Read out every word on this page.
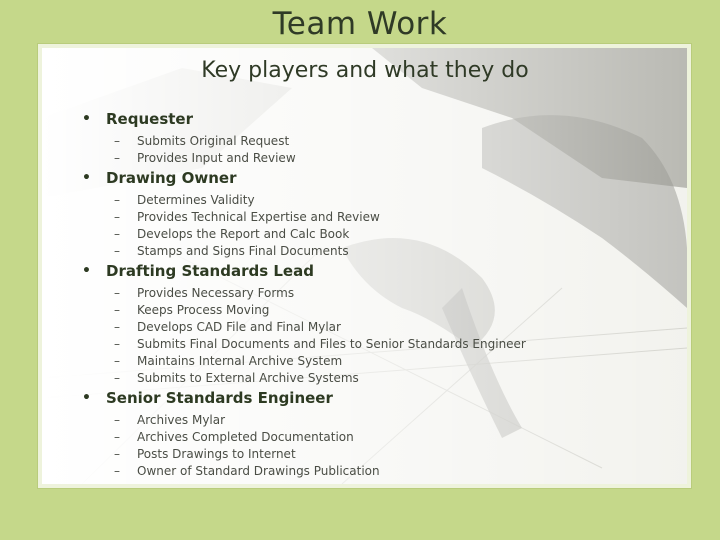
Team Work
Key players and what they do
• Requester
– Submits Original Request
– Provides Input and Review
• Drawing Owner
– Determines Validity
– Provides Technical Expertise and Review
– Develops the Report and Calc Book
– Stamps and Signs Final Documents
• Drafting Standards Lead
– Provides Necessary Forms
– Keeps Process Moving
– Develops CAD File and Final Mylar
– Submits Final Documents and Files to Senior Standards Engineer
– Maintains Internal Archive System
– Submits to External Archive Systems
• Senior Standards Engineer
– Archives Mylar
– Archives Completed Documentation
– Posts Drawings to Internet
– Owner of Standard Drawings Publication
